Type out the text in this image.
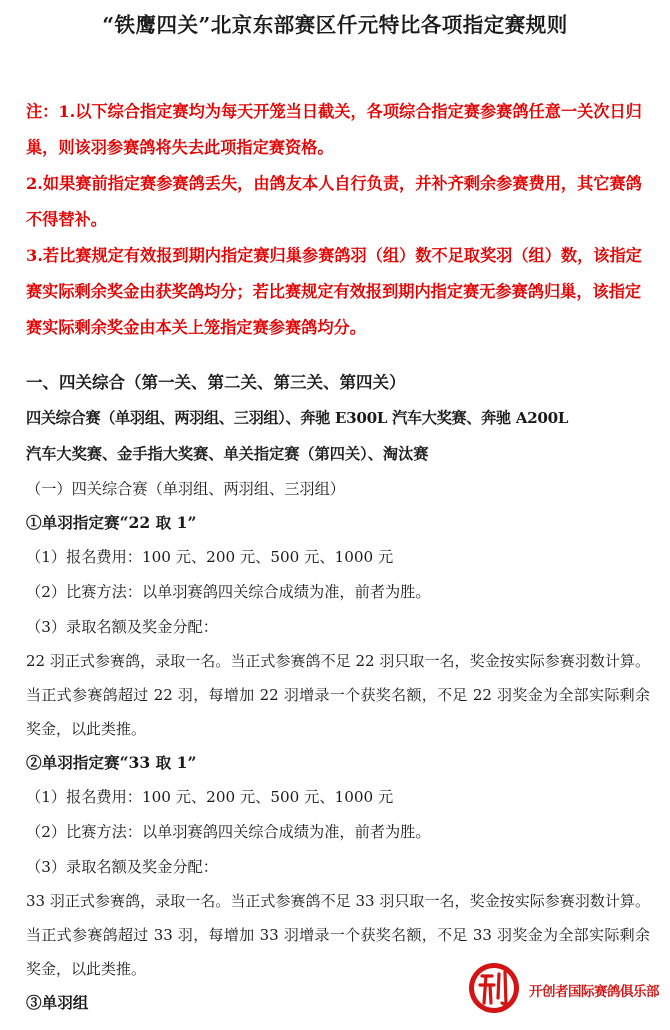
“铁鹰四关”北京东部赛区仟元特比各项指定赛规则

注：1.以下综合指定赛均为每天开笼当日截关，各项综合指定赛参赛鸽任意一关次日归巢，则该羽参赛鸽将失去此项指定赛资格。

2.如果赛前指定赛参赛鸽丢失，由鸽友本人自行负责，并补齐剩余参赛费用，其它赛鸽不得替补。

3.若比赛规定有效报到期内指定赛归巢参赛鸽羽（组）数不足取奖羽（组）数，该指定赛实际剩余奖金由获奖鸽均分；若比赛规定有效报到期内指定赛无参赛鸽归巢，该指定赛实际剩余奖金由本关上笼指定赛参赛鸽均分。

一、四关综合（第一关、第二关、第三关、第四关）

四关综合赛（单羽组、两羽组、三羽组）、奔驰 E300L 汽车大奖赛、奔驰 A200L

汽车大奖赛、金手指大奖赛、单关指定赛（第四关）、淘汰赛

（一）四关综合赛（单羽组、两羽组、三羽组）

①单羽指定赛“22 取 1”

（1）报名费用：100 元、200 元、500 元、1000 元

（2）比赛方法：以单羽赛鸽四关综合成绩为准，前者为胜。

（3）录取名额及奖金分配：

22 羽正式参赛鸽，录取一名。当正式参赛鸽不足 22 羽只取一名，奖金按实际参赛羽数计算。当正式参赛鸽超过 22 羽，每增加 22 羽增录一个获奖名额，不足 22 羽奖金为全部实际剩余奖金，以此类推。

②单羽指定赛“33 取 1”

（1）报名费用：100 元、200 元、500 元、1000 元

（2）比赛方法：以单羽赛鸽四关综合成绩为准，前者为胜。

（3）录取名额及奖金分配：

33 羽正式参赛鸽，录取一名。当正式参赛鸽不足 33 羽只取一名，奖金按实际参赛羽数计算。当正式参赛鸽超过 33 羽，每增加 33 羽增录一个获奖名额，不足 33 羽奖金为全部实际剩余奖金，以此类推。

③单羽组

开创者国际赛鸽俱乐部
